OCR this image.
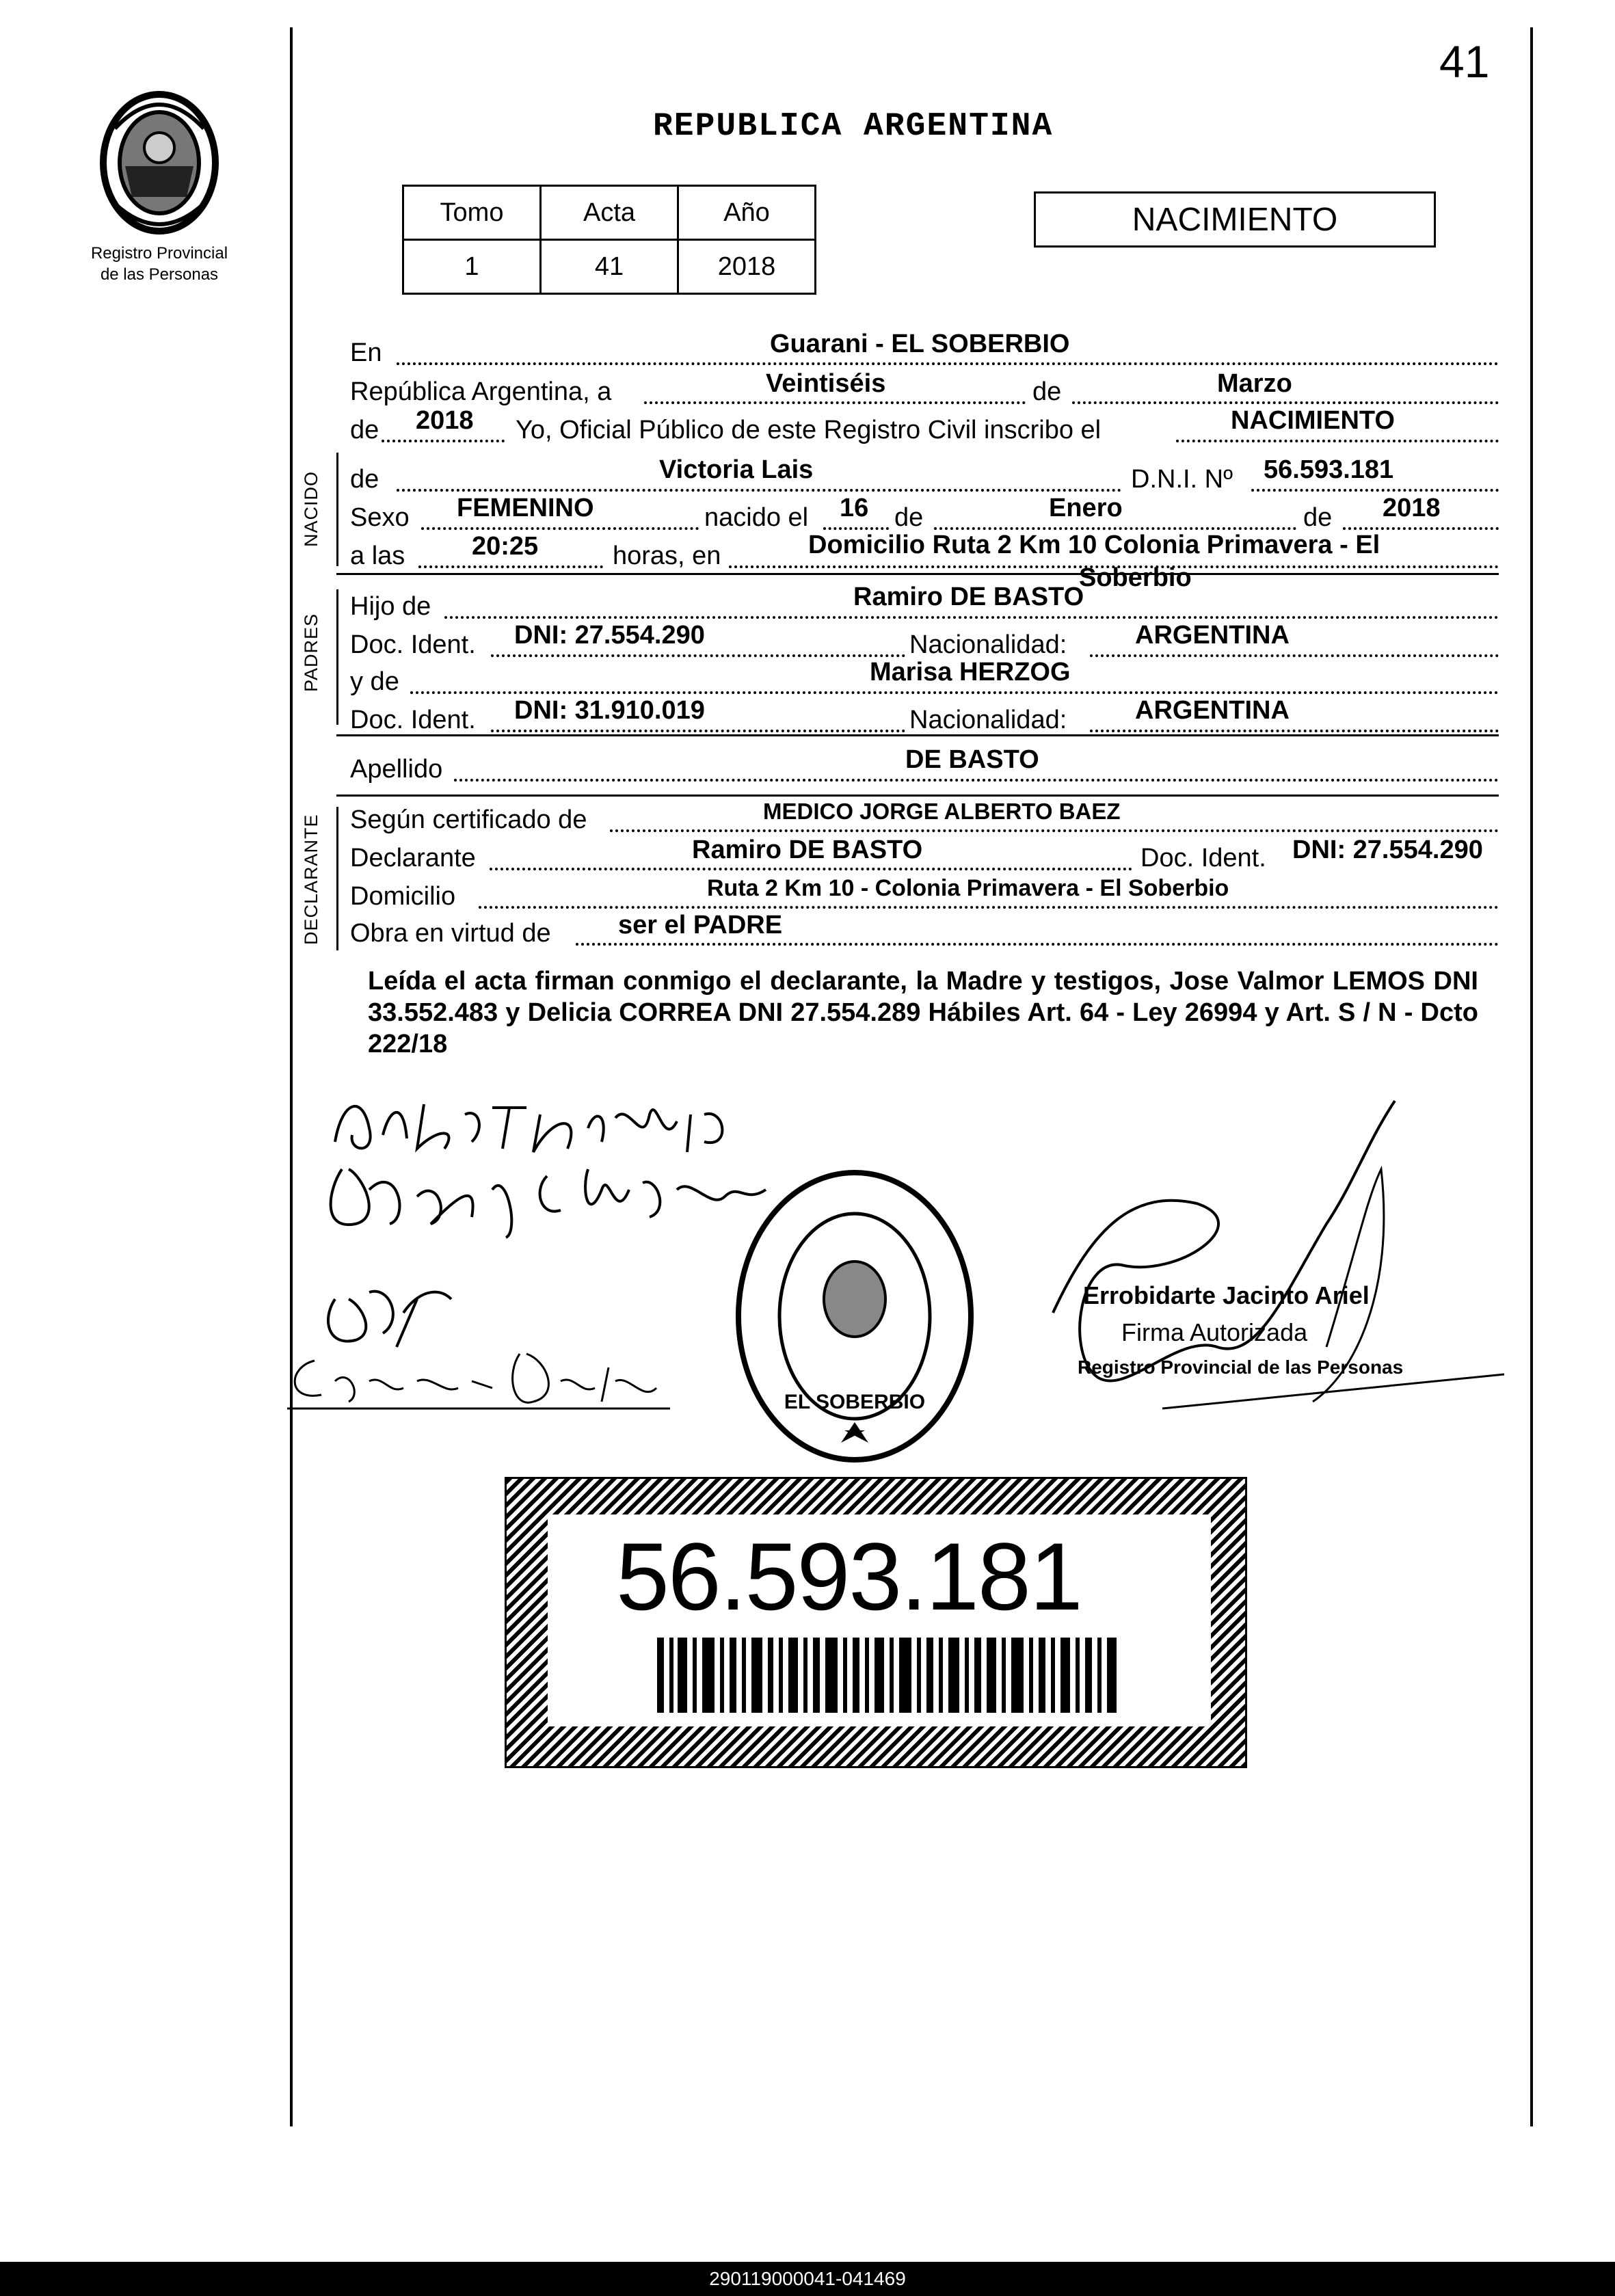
41
Registro Provincial
de las Personas
REPUBLICA ARGENTINA
Tomo	Acta	Año
1	41	2018
NACIMIENTO
NACIDO
PADRES
DECLARANTE
En	Guarani - EL SOBERBIO
República Argentina, a	Veintiséis	de	Marzo
de 2018 Yo, Oficial Público de este Registro Civil inscribo el	NACIMIENTO
de	Victoria Lais	D.N.I. Nº 56.593.181
Sexo FEMENINO	nacido el 16 de	Enero	de 2018
a las	20:25	horas, en	Domicilio Ruta 2 Km 10 Colonia Primavera - El
Soberbio
Hijo de	Ramiro DE BASTO
Doc. Ident. DNI: 27.554.290	Nacionalidad:	ARGENTINA
y de	Marisa HERZOG
Doc. Ident. DNI: 31.910.019	Nacionalidad:	ARGENTINA
Apellido	DE BASTO
Según certificado de	MEDICO JORGE ALBERTO BAEZ
Declarante	Ramiro DE BASTO	Doc. Ident. DNI: 27.554.290
Domicilio	Ruta 2 Km 10 - Colonia Primavera - El Soberbio
Obra en virtud de	ser el PADRE
Leída el acta firman conmigo el declarante, la Madre y testigos, Jose Valmor LEMOS DNI 33.552.483 y Delicia CORREA DNI 27.554.289 Hábiles Art. 64 - Ley 26994 y Art. S / N - Dcto 222/18
EL SOBERBIO
Errobidarte Jacinto Ariel
Firma Autorizada
Registro Provincial de las Personas
56.593.181
290119000041-041469
